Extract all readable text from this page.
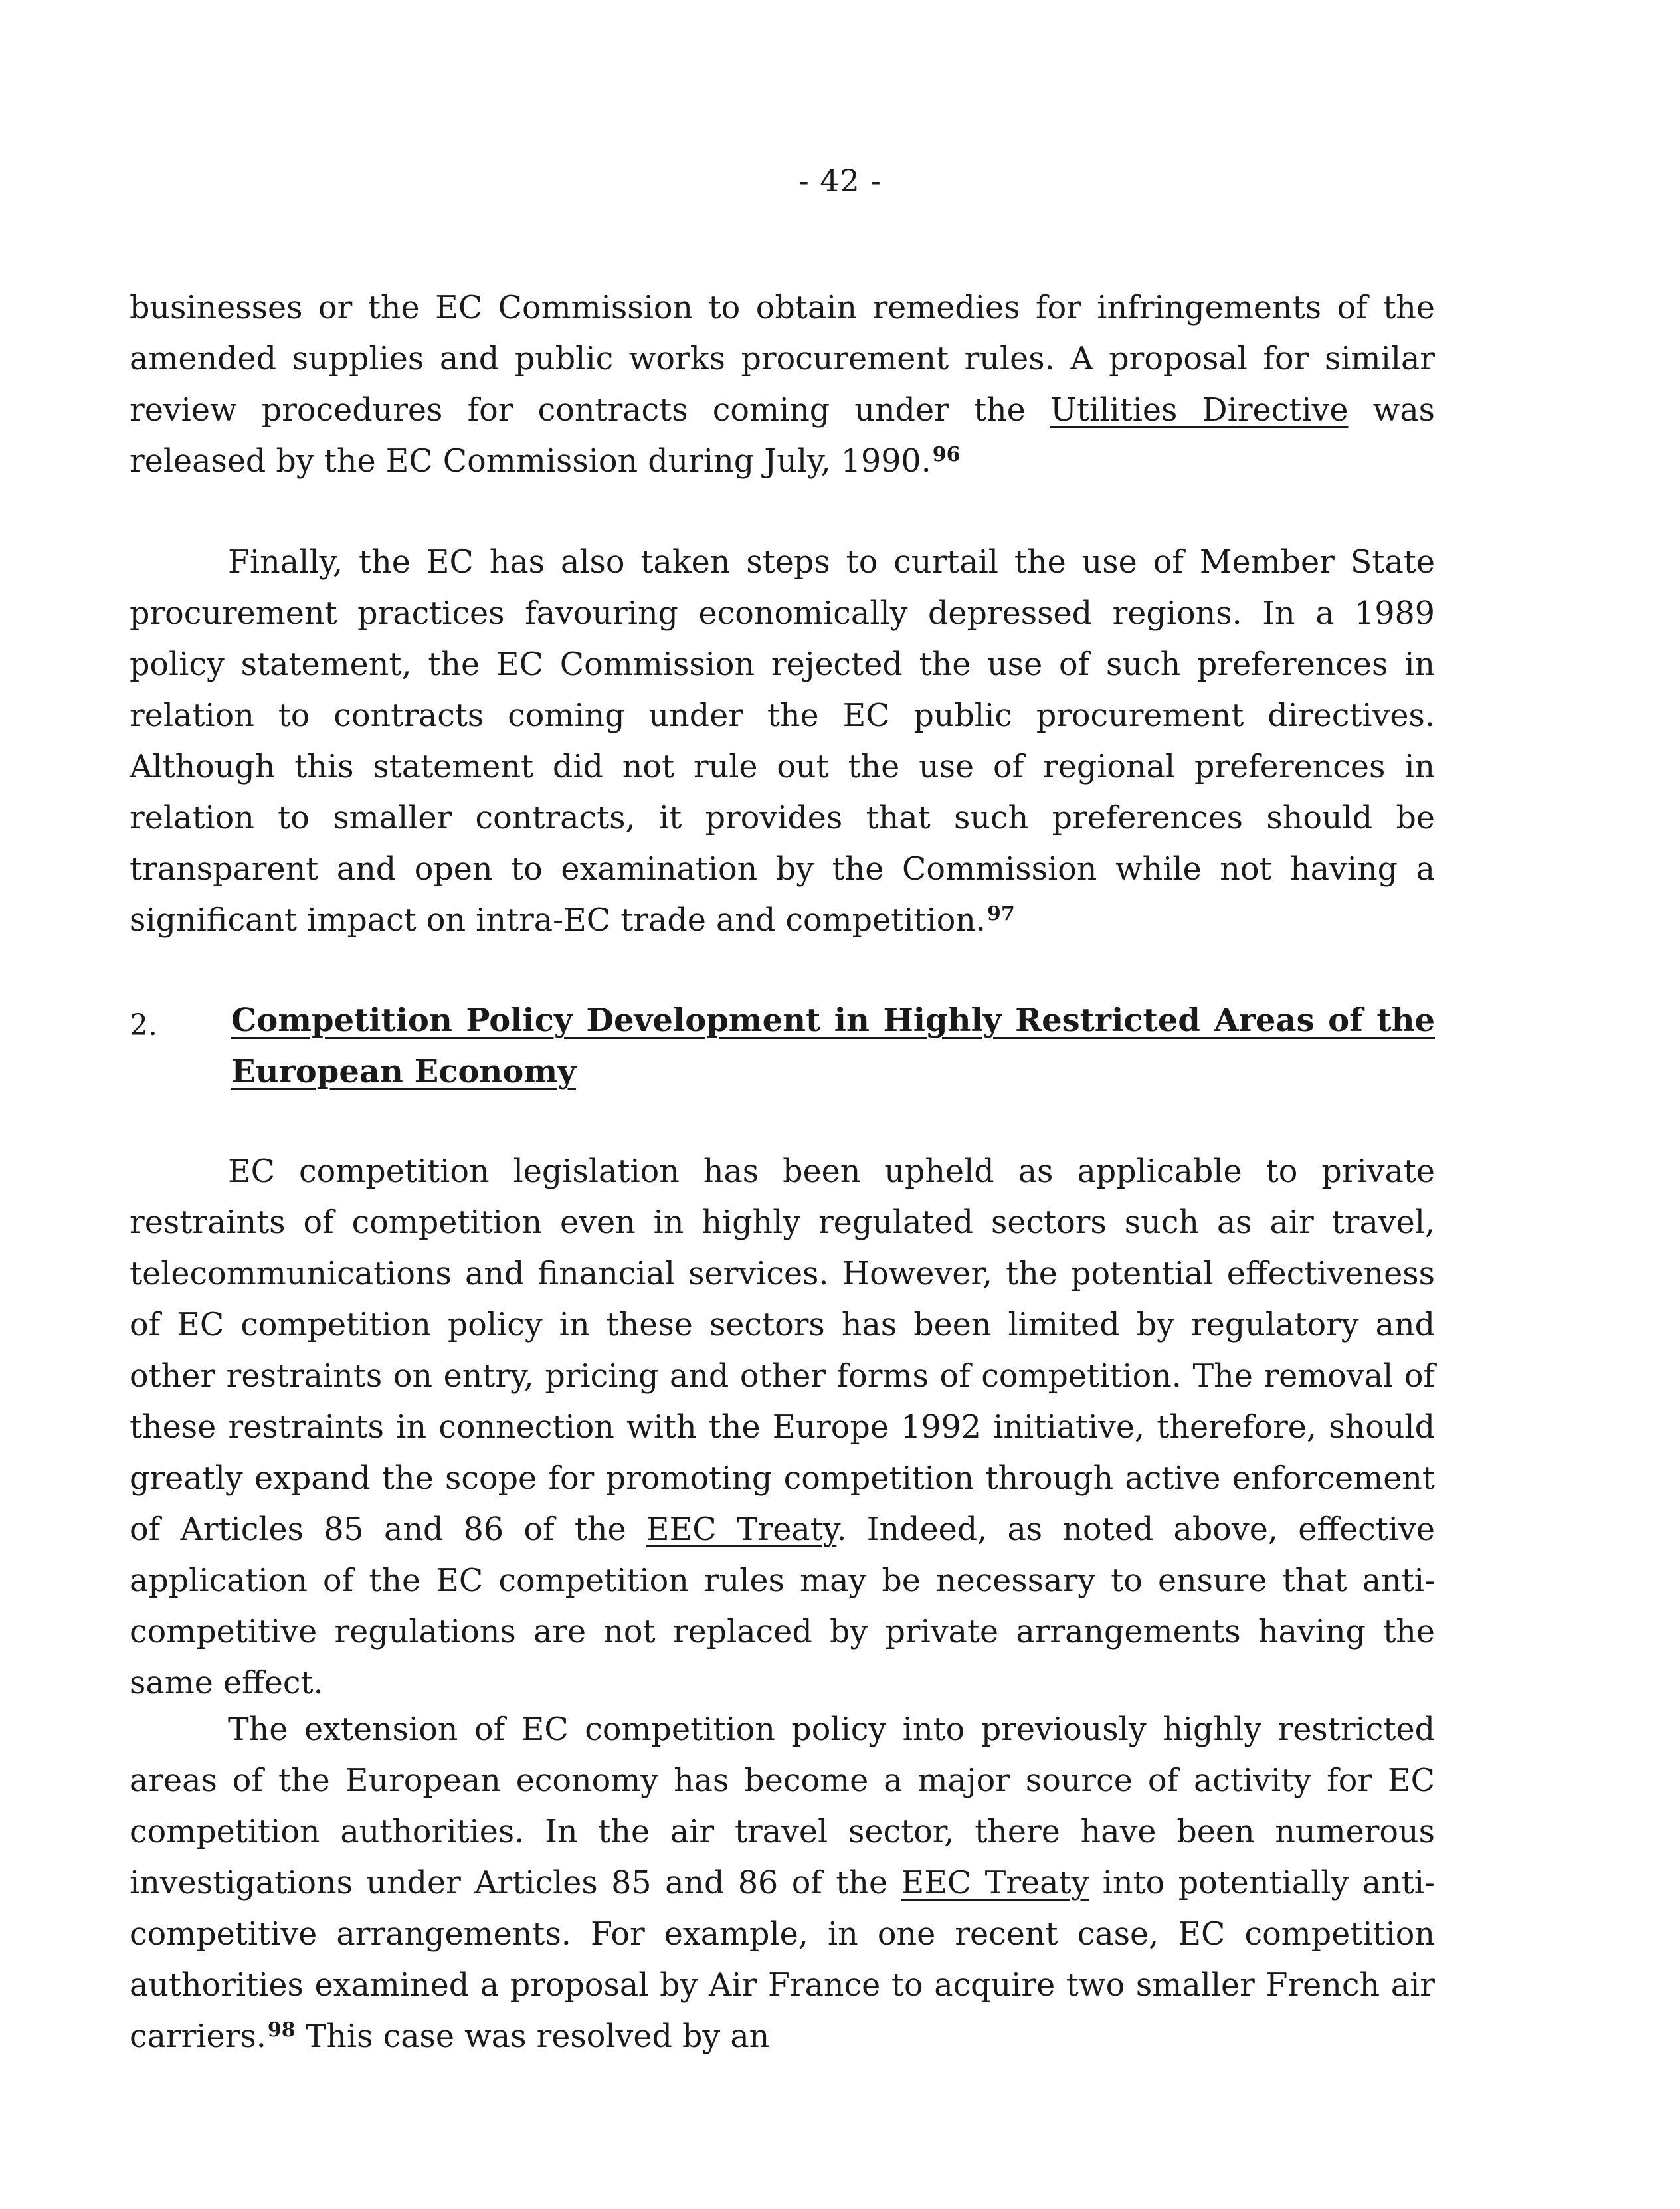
- 42 -
businesses or the EC Commission to obtain remedies for infringements of the amended supplies and public works procurement rules. A proposal for similar review procedures for contracts coming under the Utilities Directive was released by the EC Commission during July, 1990.96
Finally, the EC has also taken steps to curtail the use of Member State procurement practices favouring economically depressed regions. In a 1989 policy statement, the EC Commission rejected the use of such preferences in relation to contracts coming under the EC public procurement directives. Although this statement did not rule out the use of regional preferences in relation to smaller contracts, it provides that such preferences should be transparent and open to examination by the Commission while not having a significant impact on intra-EC trade and competition.$^{97}$
2. Competition Policy Development in Highly Restricted Areas of the European Economy
EC competition legislation has been upheld as applicable to private restraints of competition even in highly regulated sectors such as air travel, telecommunications and financial services. However, the potential effectiveness of EC competition policy in these sectors has been limited by regulatory and other restraints on entry, pricing and other forms of competition. The removal of these restraints in connection with the Europe 1992 initiative, therefore, should greatly expand the scope for promoting competition through active enforcement of Articles 85 and 86 of the EEC Treaty. Indeed, as noted above, effective application of the EC competition rules may be necessary to ensure that anti-competitive regulations are not replaced by private arrangements having the same effect.
The extension of EC competition policy into previously highly restricted areas of the European economy has become a major source of activity for EC competition authorities. In the air travel sector, there have been numerous investigations under Articles 85 and 86 of the EEC Treaty into potentially anti-competitive arrangements. For example, in one recent case, EC competition authorities examined a proposal by Air France to acquire two smaller French air carriers.$^{98}$ This case was resolved by an
